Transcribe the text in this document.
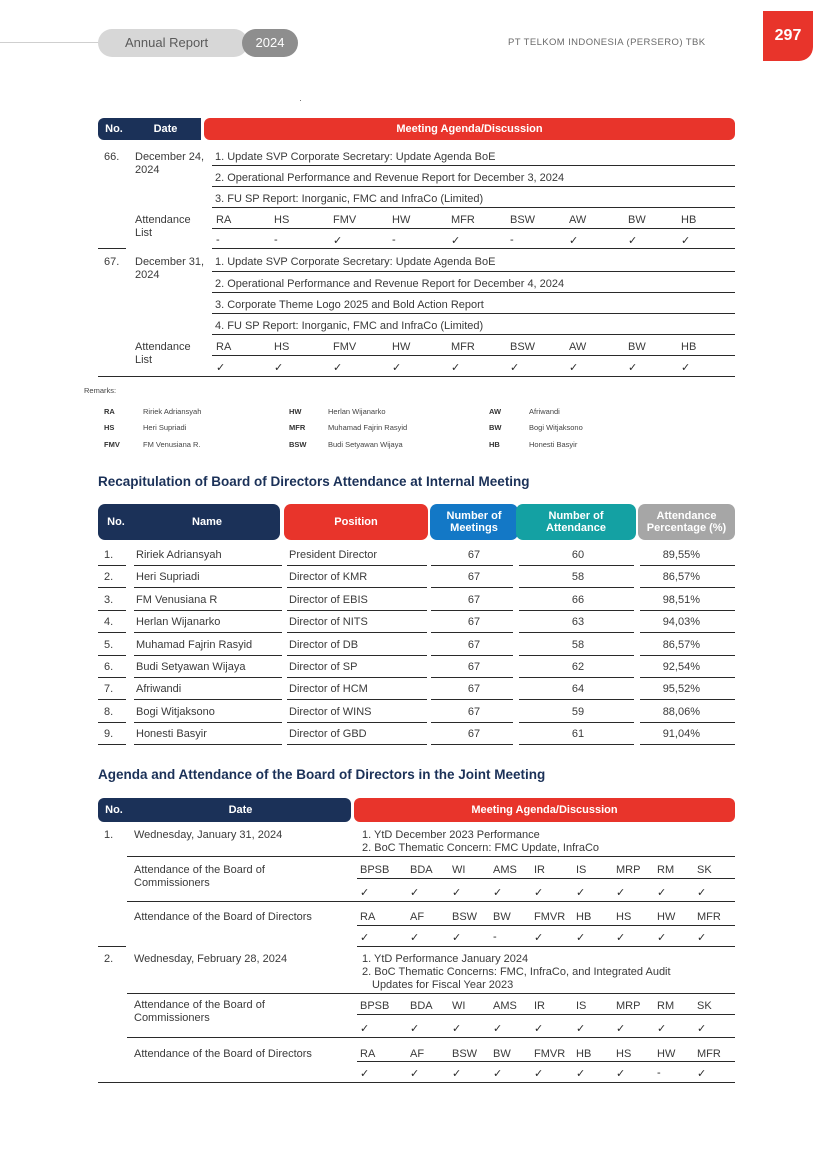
Annual Report	2024	PT TELKOM INDONESIA (PERSERO) TBK	297
No.	Date	Meeting Agenda/Discussion
66. December 24,
2024
1. Update SVP Corporate Secretary: Update Agenda BoE
2. Operational Performance and Revenue Report for December 3, 2024
3. FU SP Report: Inorganic, FMC and InfraCo (Limited)
Attendance
List
RA	HS	FMV	HW	MFR	BSW	AW	BW	HB
-	-	✓	-	✓	-	✓	✓	✓
67. December 31,
2024
1. Update SVP Corporate Secretary: Update Agenda BoE
2. Operational Performance and Revenue Report for December 4, 2024
3. Corporate Theme Logo 2025 and Bold Action Report
4. FU SP Report: Inorganic, FMC and InfraCo (Limited)
Attendance
List
RA	HS	FMV	HW	MFR	BSW	AW	BW	HB
✓	✓	✓	✓	✓	✓	✓	✓	✓
Remarks:
RA	Ririek Adriansyah
HS	Heri Supriadi
FMV	FM Venusiana R.
HW	Herlan Wijanarko
MFR	Muhamad Fajrin Rasyid
BSW	Budi Setyawan Wijaya
AW	Afriwandi
BW	Bogi Witjaksono
HB	Honesti Basyir
Recapitulation of Board of Directors Attendance at Internal Meeting
No.	Name	Position
Number of
Meetings
Number of
Attendance
Attendance
Percentage (%)
1. Ririek Adriansyah	President Director	67	60	89,55%
2. Heri Supriadi	Director of KMR	67	58	86,57%
3. FM Venusiana R	Director of EBIS	67	66	98,51%
4. Herlan Wijanarko	Director of NITS	67	63	94,03%
5. Muhamad Fajrin Rasyid	Director of DB	67	58	86,57%
6. Budi Setyawan Wijaya	Director of SP	67	62	92,54%
7. Afriwandi	Director of HCM	67	64	95,52%
8. Bogi Witjaksono	Director of WINS	67	59	88,06%
9. Honesti Basyir	Director of GBD	67	61	91,04%
Agenda and Attendance of the Board of Directors in the Joint Meeting
No.	Date	Meeting Agenda/Discussion
1. Wednesday, January 31, 2024	1. YtD December 2023 Performance
2. BoC Thematic Concern: FMC Update, InfraCo
Attendance of the Board of
Commissioners
BPSB BDA WI	AMS IR	IS	MRP RM SK
✓	✓	✓	✓	✓	✓	✓	✓	✓
Attendance of the Board of Directors	RA	AF	BSW BW FMVR HB HS HW MFR
✓	✓	✓	-	✓	✓	✓	✓	✓
2. Wednesday, February 28, 2024	1. YtD Performance January 2024
2. BoC Thematic Concerns: FMC, InfraCo, and Integrated Audit
Updates for Fiscal Year 2023
Attendance of the Board of
Commissioners
BPSB BDA WI	AMS IR	IS	MRP RM SK
✓	✓	✓	✓	✓	✓	✓	✓	✓
Attendance of the Board of Directors	RA	AF	BSW BW FMVR HB HS HW MFR
✓	✓	✓	✓	✓	✓	✓	-	✓
